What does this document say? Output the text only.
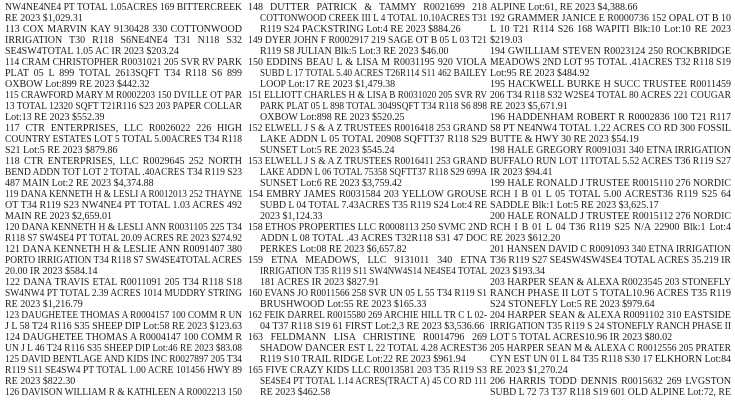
NW4NE4NE4 PT TOTAL 1.05ACRES 169 BITTERCREEK
RE 2023 $1,029.31
113 COX MARVIN KAY 9130428 330 COTTONWOOD
IRRIGATION T30 R118 S6NE4NE4 T31 N118 S32
SE4SW4TOTAL 1.05 AC IR 2023 $203.24
114 CRAM CHRISTOPHER R0031021 205 SVR RV PARK
PLAT 05 L 899 TOTAL 2613SQFT T34 R118 S6 899
OXBOW Lot:899 RE 2023 $442.32
115 CRAWFORD MARY M R0002203 150 DVILLE OT PAR
13 TOTAL 12320 SQFT T21R116 S23 203 PAPER COLLAR
Lot:13 RE 2023 $552.39
117 CTR ENTERPRISES, LLC R0026022 226 HIGH
COUNTRY ESTATES LOT 5 TOTAL 5.00ACRES T34 R118
S21 Lot:5 RE 2023 $879.86
118 CTR ENTERPRISES, LLC R0029645 252 NORTH
BEND ADDN TOT LOT 2 TOTAL .40ACRES T34 R119 S23
487 MAIN Lot:2 RE 2023 $4,374.88
119 DANA KENNETH H & LESLI A R0012013 252 THAYNE
OT T34 R119 S23 NW4NE4 PT TOTAL 1.03 ACRES 492
MAIN RE 2023 $2,659.01
120 DANA KENNETH H & LESLI ANN R0031105 225 T34
R118 S7 SW4SE4 PT TOTAL 20.09 ACRES RE 2023 $274.92
121 DANA KENNETH H & LESLIE ANN R0091407 380
PORTO IRRIGATION T34 R118 S7 SW4SE4TOTAL ACRES
20.00 IR 2023 $584.14
122 DANA TRAVIS ETAL R0011091 205 T34 R118 S18
SW4NW4 PT TOTAL 2.39 ACRES 1014 MUDDRY STRING
RE 2023 $1,216.79
123 DAUGHETEE THOMAS A R0004157 100 COMM R UN
J L 58 T24 R116 S35 SHEEP DIP Lot:58 RE 2023 $123.63
124 DAUGHETEE THOMAS A R0004147 100 COMM R
UN J L 46 T24 R116 S35 SHEEP DIP Lot:46 RE 2023 $83.08
125 DAVID BENTLAGE AND KIDS INC R0027897 205 T34
R119 S11 SE4SW4 PT TOTAL 1.00 ACRE 101456 HWY 89
RE 2023 $822.30
126 DAVISON WILLIAM R & KATHLEEN A R0002213 150
148 DUTTER PATRICK & TAMMY R0021699 218
COTTONWOOD CREEK III L 4 TOTAL 10.10ACRES T31
R119 S24 PACKSTRING Lot:4 RE 2023 $884.26
149 DYER JOHN F R0002917 219 SAGE OT B 05 L 03 T21
R119 S8 JULIAN Blk:5 Lot:3 RE 2023 $46.00
150 EDDINS BEAU L & LISA M R0031195 920 VIOLA
SUBD L 17 TOTAL 5.40 ACRES T26R114 S11 462 BAILEY
LOOP Lot:17 RE 2023 $1,479.38
151 ELLIOTT CHARLES H & LISA B R0031020 205 SVR RV
PARK PLAT 05 L 898 TOTAL 3049SQFT T34 R118 S6 898
OXBOW Lot:898 RE 2023 $520.25
152 ELWELL J S & A Z TRUSTEES R0016418 253 GRAND
LAKE ADDN L 05 TOTAL 20908 SQFTT37 R118 S29
SUNSET Lot:5 RE 2023 $545.24
153 ELWELL J S & A Z TRUSTEES R0016411 253 GRAND
LAKE ADDN L 06 TOTAL 75358 SQFTT37 R118 S29 699A
SUNSET Lot:6 RE 2023 $3,759.42
154 EMBRY JAMES R0031584 203 YELLOW GROUSE
SUBD L 04 TOTAL 7.43ACRES T35 R119 S24 Lot:4 RE
2023 $1,124.33
158 ETHOS PROPERTIES LLC R0008113 250 SVMC 2ND
ADDN L 08 TOTAL .43 ACRES T32R118 S31 47 DOC
PERKES Lot:08 RE 2023 $6,657.82
159 ETNA MEADOWS, LLC 9131011 340 ETNA
IRRIGATION T35 R119 S11 SW4NW4S14 NE4SE4 TOTAL
181 ACRES IR 2023 $827.91
160 EVANS JO R0011566 258 SVR UN 05 L 55 T34 R119 S1
BRUSHWOOD Lot:55 RE 2023 $165.33
162 FEIK DARREL R0015580 269 ARCHIE HILL TR C L 02-
04 T37 R118 S19 61 FIRST Lot:2,3 RE 2023 $3,536.66
163 FELDMANN LISA CHRISTINE R0014796 269
SHADOW DANCER EST L 22 TOTAL 4.28 ACREST36
R119 S10 TRAIL RIDGE Lot:22 RE 2023 $961.94
165 FIVE CRAZY KIDS LLC R0013581 203 T35 R119 S3
SE4SE4 PT TOTAL 1.14 ACRES(TRACT A) 45 CO RD 111
RE 2023 $462.58
ALPINE Lot:61, RE 2023 $4,388.66
192 GRAMMER JANICE E R0000736 152 OPAL OT B 10
L 10 T21 R114 S26 168 WAPITI Blk:10 Lot:10 RE 2023
$219.03
194 GWILLIAM STEVEN R0023124 250 ROCKBRIDGE
MEADOWS 2ND LOT 95 TOTAL .41ACRES T32 R118 S19
Lot:95 RE 2023 $484.92
195 HACKWELL BURKE H SUCC TRUSTEE R0011459
206 T34 R118 S32 W2SE4 TOTAL 80 ACRES 221 COUGAR
RE 2023 $5,671.91
196 HADDENHAM ROBERT R R0002836 100 T21 R117
S8 PT NE4NW4 TOTAL 1.22 ACRES CO RD 300 FOSSIL
BUTTE & HWY 30 RE 2023 $54.19
198 HALE GREGORY R0091031 340 ETNA IRRIGATION
BUFFALO RUN LOT 11TOTAL 5.52 ACRES T36 R119 S27
IR 2023 $94.41
199 HALE RONALD J TRUSTEE R0015110 276 NORDIC
RCH I B 01 L 05 TOTAL 5.00 ACREST36 R119 S25 64
SADDLE Blk:1 Lot:5 RE 2023 $3,625.17
200 HALE RONALD J TRUSTEE R0015112 276 NORDIC
RCH I B 01 L 04 T36 R119 S25 N/A 22900 Blk:1 Lot:4
RE 2023 $612.20
201 HANSEN DAVID C R0091093 340 ETNA IRRIGATION
T36 R119 S27 SE4SW4SW4SE4 TOTAL ACRES 35.219 IR
2023 $193.34
203 HARPER SEAN & ALEXA R0023545 203 STONEFLY
RANCH PHASE II LOT 5 TOTAL10.96 ACRES T35 R119
S24 STONEFLY Lot:5 RE 2023 $979.64
204 HARPER SEAN & ALEXA R0091102 310 EASTSIDE
IRRIGATION T35 R119 S 24 STONEFLY RANCH PHASE II
LOT 5 TOTAL ACRES10.96 IR 2023 $80.02
205 HARPER SEAN M & ALEXA C R0012556 205 PRATER
CYN EST UN 01 L 84 T35 R118 S30 17 ELKHORN Lot:84
RE 2023 $1,270.24
206 HARRIS TODD DENNIS R0015632 269 LVGSTON
SUBD L 72 73 T37 R118 S19 601 OLD ALPINE Lot:72, RE
